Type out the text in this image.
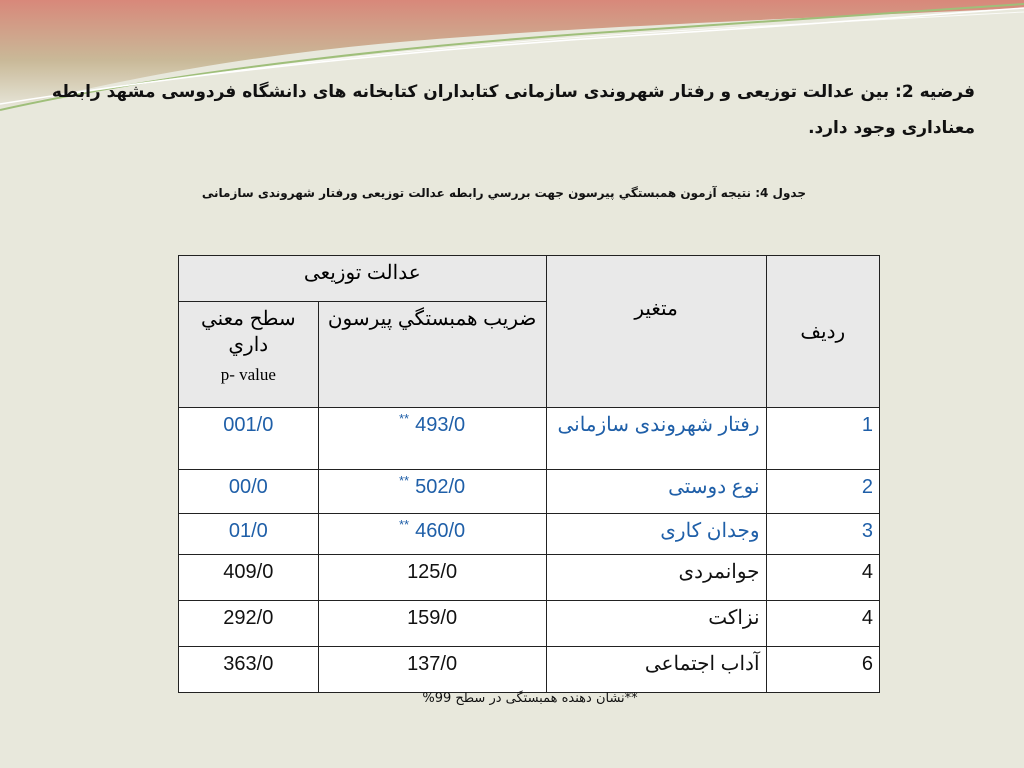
فرضیه 2: بین عدالت توزیعی و رفتار شهروندی سازمانی کتابداران کتابخانه های دانشگاه فردوسی مشهد رابطه معناداری وجود دارد.
جدول 4: نتیجه آزمون همبستگي پيرسون جهت بررسي رابطه عدالت توزیعی ورفتار شهروندی سازمانی
ردیف	متغیر	عدالت توزیعی	
		ضريب همبستگي پيرسون	سطح معني داري
p- value

1	رفتار شهروندی سازمانی	493/0**	001/0
2	نوع دوستی	502/0**	00/0
3	وجدان کاری	460/0**	01/0
4	جوانمردی	125/0	409/0
4	نزاکت	159/0	292/0
6	آداب اجتماعی	137/0	363/0
**نشان دهنده همبستگی در سطح 99%
